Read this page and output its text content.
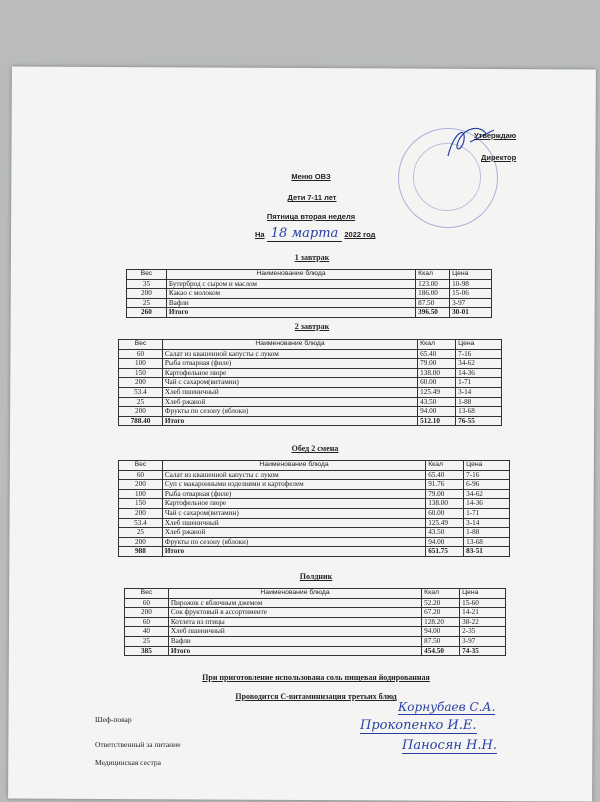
Утверждаю
Директор
Меню ОВЗ
Дети 7-11 лет
Пятница вторая неделя
На 18 марта 2022 год
1 завтрак
Вес	Наименование блюда	Ккал	Цена
35	Бутерброд с сыром и маслом	123.00	10-98
200	Какао с молоком	186.00	15-06
25	Вафли	87.50	3-97
260	Итого	396.50	30-01
2 завтрак
Вес	Наименование блюда	Ккал	Цена
60	Салат из квашенной капусты с луком	65.40	7-16
100	Рыба отварная (филе)	79.00	34-62
150	Картофельное пюре	138.00	14-36
200	Чай с сахаром(витамин)	60.00	1-71
53.4	Хлеб пшеничный	125.49	3-14
25	Хлеб ржаной	43.50	1-88
200	Фрукты по сезону (яблоки)	94.00	13-68
788.40	Итого	512.10	76-55
Обед 2 смена
Вес	Наименование блюда	Ккал	Цена
60	Салат из квашенной капусты с луком	65.40	7-16
200	Суп с макаронными изделиями и картофелем	91.76	6-96
100	Рыба отварная (филе)	79.00	34-62
150	Картофельное пюре	138.00	14-36
200	Чай с сахаром(витамин)	60.00	1-71
53.4	Хлеб пшеничный	125.49	3-14
25	Хлеб ржаной	43.50	1-88
200	Фрукты по сезону (яблоки)	94.00	13-68
988	Итого	651.75	83-51
Полдник
Вес	Наименование блюда	Ккал	Цена
60	Пирожок с яблочным джемом	52.20	15-60
200	Сок фруктовый в ассортименте	67.20	14-21
60	Котлета из птицы	128.20	38-22
40	Хлеб пшеничный	94.00	2-35
25	Вафли	87.50	3-97
385	Итого	454.50	74-35
При приготовление использована соль пищевая йодированная
Проводится С-витаминизация третьих блюд
Шеф-повар
Ответственный за питание
Медицинская сестра
Корнубаев С.А.
Прокопенко И.Е.
Паносян Н.Н.
